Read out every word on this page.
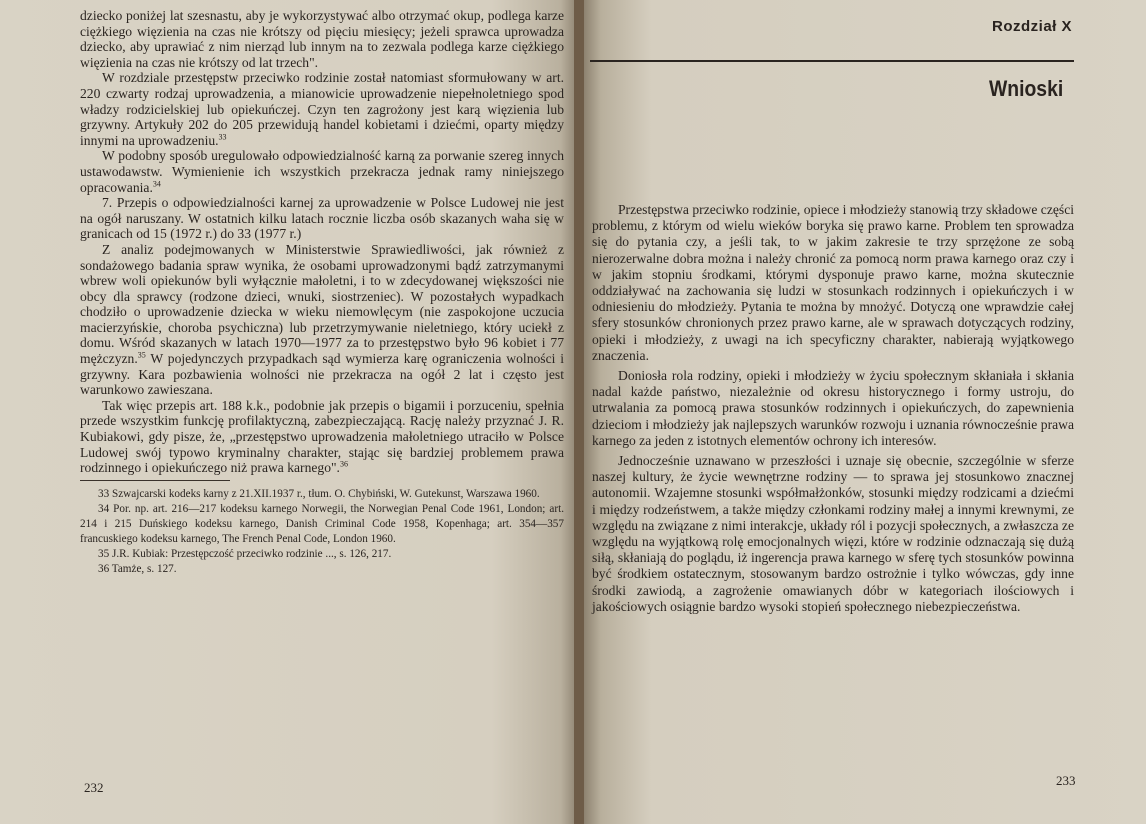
dziecko poniżej lat szesnastu, aby je wykorzystywać albo otrzymać okup, podlega karze ciężkiego więzienia na czas nie krótszy od pięciu miesięcy; jeżeli sprawca uprowadza dziecko, aby uprawiać z nim nierząd lub innym na to zezwala podlega karze ciężkiego więzienia na czas nie krótszy od lat trzech".

W rozdziale przestępstw przeciwko rodzinie został natomiast sformułowany w art. 220 czwarty rodzaj uprowadzenia, a mianowicie uprowadzenie niepełnoletniego spod władzy rodzicielskiej lub opiekuńczej. Czyn ten zagrożony jest karą więzienia lub grzywny. Artykuły 202 do 205 przewidują handel kobietami i dziećmi, oparty między innymi na uprowadzeniu.$^{33}$

W podobny sposób uregulowało odpowiedzialność karną za porwanie szereg innych ustawodawstw. Wymienienie ich wszystkich przekracza jednak ramy niniejszego opracowania.$^{34}$

7. Przepis o odpowiedzialności karnej za uprowadzenie w Polsce Ludowej nie jest na ogół naruszany. W ostatnich kilku latach rocznie liczba osób skazanych waha się w granicach od 15 (1972 r.) do 33 (1977 r.)

Z analiz podejmowanych w Ministerstwie Sprawiedliwości, jak również z sondażowego badania spraw wynika, że osobami uprowadzonymi bądź zatrzymanymi wbrew woli opiekunów byli wyłącznie małoletni, i to w zdecydowanej większości nie obcy dla sprawcy (rodzone dzieci, wnuki, siostrzeniec). W pozostałych wypadkach chodziło o uprowadzenie dziecka w wieku niemowlęcym (nie zaspokojone uczucia macierzyńskie, choroba psychiczna) lub przetrzymywanie nieletniego, który uciekł z domu. Wśród skazanych w latach 1970—1977 za to przestępstwo było 96 kobiet i 77 mężczyzn.$^{35}$ W pojedynczych przypadkach sąd wymierza karę ograniczenia wolności i grzywny. Kara pozbawienia wolności nie przekracza na ogół 2 lat i często jest warunkowo zawieszana.

Tak więc przepis art. 188 k.k., podobnie jak przepis o bigamii i porzuceniu, spełnia przede wszystkim funkcję profilaktyczną, zabezpieczającą. Rację należy przyznać J. R. Kubiakowi, gdy pisze, że, „przestępstwo uprowadzenia małoletniego utraciło w Polsce Ludowej swój typowo kryminalny charakter, stając się bardziej problemem prawa rodzinnego i opiekuńczego niż prawa karnego".$^{36}$

33 Szwajcarski kodeks karny z 21.XII.1937 r., tłum. O. Chybiński, W. Gutekunst, Warszawa 1960.
34 Por. np. art. 216—217 kodeksu karnego Norwegii, the Norwegian Penal Code 1961, London; art. 214 i 215 Duńskiego kodeksu karnego, Danish Criminal Code 1958, Kopenhaga; art. 354—357 francuskiego kodeksu karnego, The French Penal Code, London 1960.
35 J.R. Kubiak: Przestępczość przeciwko rodzinie ..., s. 126, 217.
36 Tamże, s. 127.
232
Rozdział X
Wnioski

Przestępstwa przeciwko rodzinie, opiece i młodzieży stanowią trzy składowe części problemu, z którym od wielu wieków boryka się prawo karne. Problem ten sprowadza się do pytania czy, a jeśli tak, to w jakim zakresie te trzy sprzężone ze sobą nierozerwalne dobra można i należy chronić za pomocą norm prawa karnego oraz czy i w jakim stopniu środkami, którymi dysponuje prawo karne, można skutecznie oddziaływać na zachowania się ludzi w stosunkach rodzinnych i opiekuńczych i w odniesieniu do młodzieży. Pytania te można by mnożyć. Dotyczą one wprawdzie całej sfery stosunków chronionych przez prawo karne, ale w sprawach dotyczących rodziny, opieki i młodzieży, z uwagi na ich specyficzny charakter, nabierają wyjątkowego znaczenia.

Doniosła rola rodziny, opieki i młodzieży w życiu społecznym skłaniała i skłania nadal każde państwo, niezależnie od okresu historycznego i formy ustroju, do utrwalania za pomocą prawa stosunków rodzinnych i opiekuńczych, do zapewnienia dzieciom i młodzieży jak najlepszych warunków rozwoju i uznania równocześnie prawa karnego za jeden z istotnych elementów ochrony ich interesów.

Jednocześnie uznawano w przeszłości i uznaje się obecnie, szczególnie w sferze naszej kultury, że życie wewnętrzne rodziny — to sprawa jej stosunkowo znacznej autonomii. Wzajemne stosunki współmałżonków, stosunki między rodzicami a dziećmi i między rodzeństwem, a także między członkami rodziny małej a innymi krewnymi, ze względu na związane z nimi interakcje, układy ról i pozycji społecznych, a zwłaszcza ze względu na wyjątkową rolę emocjonalnych więzi, które w rodzinie odznaczają się dużą siłą, skłaniają do poglądu, iż ingerencja prawa karnego w sferę tych stosunków powinna być środkiem ostatecznym, stosowanym bardzo ostrożnie i tylko wówczas, gdy inne środki zawiodą, a zagrożenie omawianych dóbr w kategoriach ilościowych i jakościowych osiągnie bardzo wysoki stopień społecznego niebezpieczeństwa.

233
